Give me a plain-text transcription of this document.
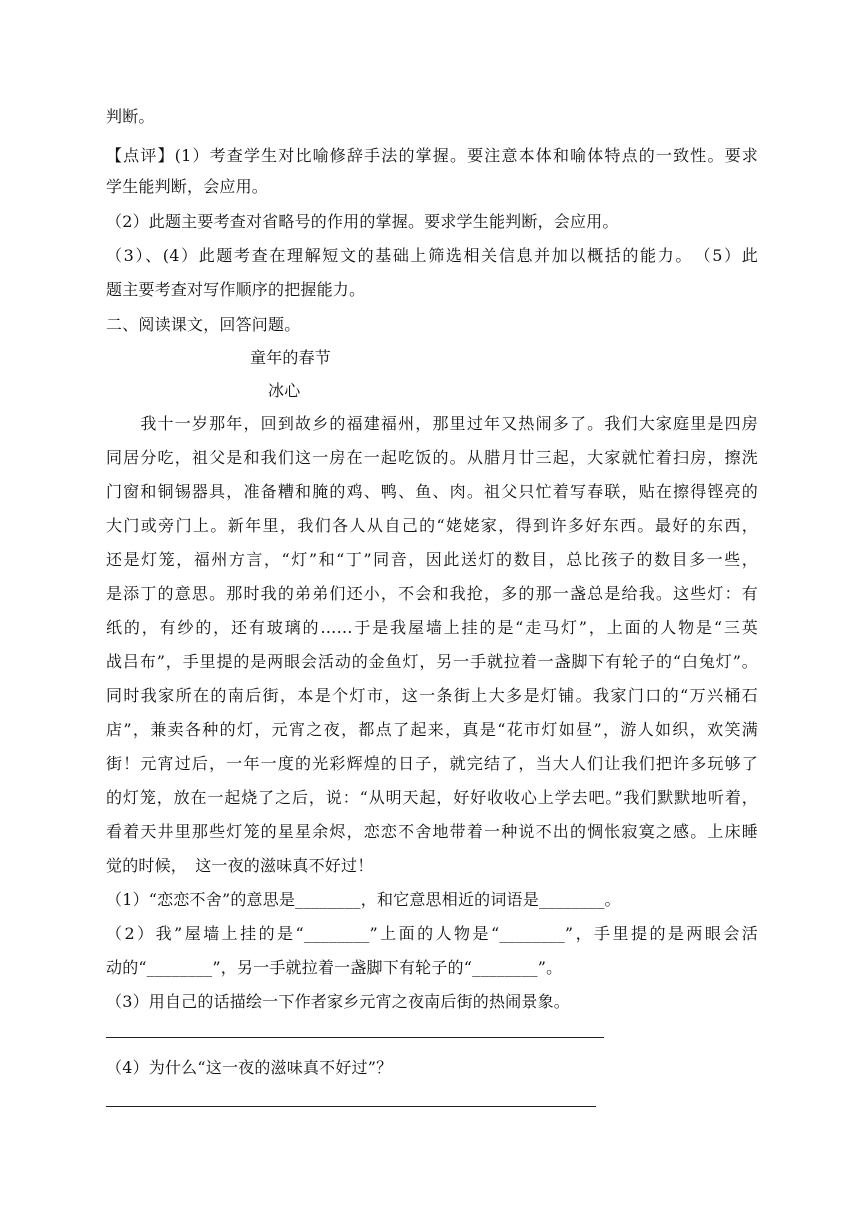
判断。
【点评】(1）考查学生对比喻修辞手法的掌握。要注意本体和喻体特点的一致性。要求
学生能判断，会应用。
（2）此题主要考查对省略号的作用的掌握。要求学生能判断，会应用。
（3）、(4）此题考查在理解短文的基础上筛选相关信息并加以概括的能力。　（5）此
题主要考查对写作顺序的把握能力。
二、阅读课文，回答问题。
童年的春节
冰心
　　我十一岁那年，回到故乡的福建福州，那里过年又热闹多了。我们大家庭里是四房
同居分吃，祖父是和我们这一房在一起吃饭的。从腊月廿三起，大家就忙着扫房，擦洗
门窗和铜锡器具，准备糟和腌的鸡、鸭、鱼、肉。祖父只忙着写春联，贴在擦得铿亮的
大门或旁门上。新年里，我们各人从自己的“姥姥家，得到许多好东西。最好的东西，
还是灯笼，福州方言，“灯”和“丁”同音，因此送灯的数目，总比孩子的数目多一些，
是添丁的意思。那时我的弟弟们还小，不会和我抢，多的那一盏总是给我。这些灯：有
纸的，有纱的，还有玻璃的……于是我屋墙上挂的是“走马灯”，上面的人物是“三英
战吕布”，手里提的是两眼会活动的金鱼灯，另一手就拉着一盏脚下有轮子的“白兔灯”。
同时我家所在的南后街，本是个灯市，这一条街上大多是灯铺。我家门口的“万兴桶石
店”，兼卖各种的灯，元宵之夜，都点了起来，真是“花市灯如昼”，游人如织，欢笑满
街！元宵过后，一年一度的光彩辉煌的日子，就完结了，当大人们让我们把许多玩够了
的灯笼，放在一起烧了之后，说：“从明天起，好好收收心上学去吧。”我们默默地听着，
看着天井里那些灯笼的星星余烬，恋恋不舍地带着一种说不出的惆怅寂寞之感。上床睡
觉的时候，　这一夜的滋味真不好过！
（1）“恋恋不舍”的意思是________，和它意思相近的词语是________。
（2）我”屋墙上挂的是“________”上面的人物是“________”，手里提的是两眼会活
动的“________”，另一手就拉着一盏脚下有轮子的“________”。
（3）用自己的话描绘一下作者家乡元宵之夜南后街的热闹景象。
（4）为什么“这一夜的滋味真不好过”？
